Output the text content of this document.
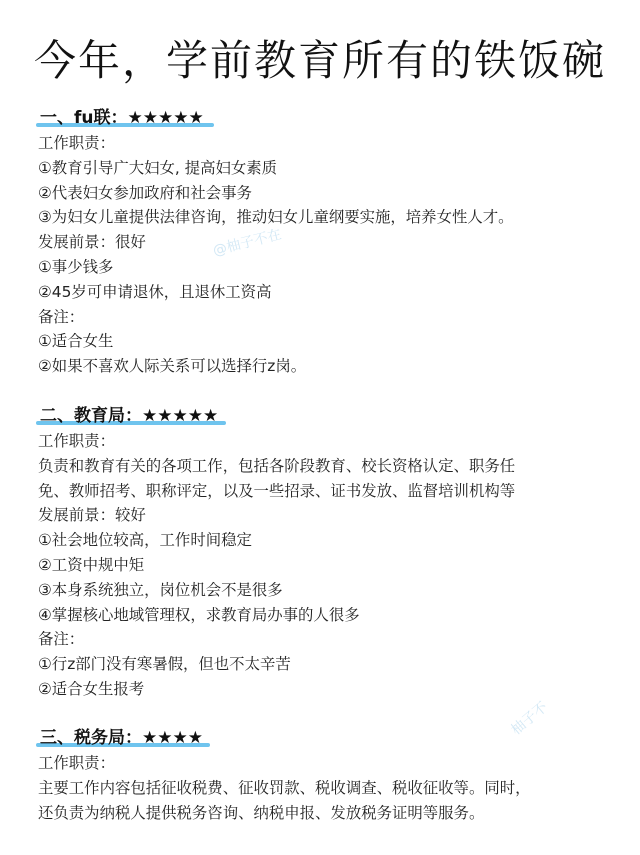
今年，学前教育所有的铁饭碗
@柚子不在
柚子不
一、fu联：★★★★★
工作职责：
①教育引导广大妇女, 提高妇女素质
②代表妇女参加政府和社会事务
③为妇女儿童提供法律咨询，推动妇女儿童纲要实施，培养女性人才。
发展前景：很好
①事少钱多
②45岁可申请退休，且退休工资高
备注：
①适合女生
②如果不喜欢人际关系可以选择行z岗。
二、教育局：★★★★★
工作职责：
负责和教育有关的各项工作，包括各阶段教育、校长资格认定、职务任
免、教师招考、职称评定，以及一些招录、证书发放、监督培训机构等
发展前景：较好
①社会地位较高，工作时间稳定
②工资中规中矩
③本身系统独立，岗位机会不是很多
④掌握核心地域管理权，求教育局办事的人很多
备注：
①行z部门没有寒暑假，但也不太辛苦
②适合女生报考
三、税务局：★★★★
工作职责：
主要工作内容包括征收税费、征收罚款、税收调查、税收征收等。同时，
还负责为纳税人提供税务咨询、纳税申报、发放税务证明等服务。
